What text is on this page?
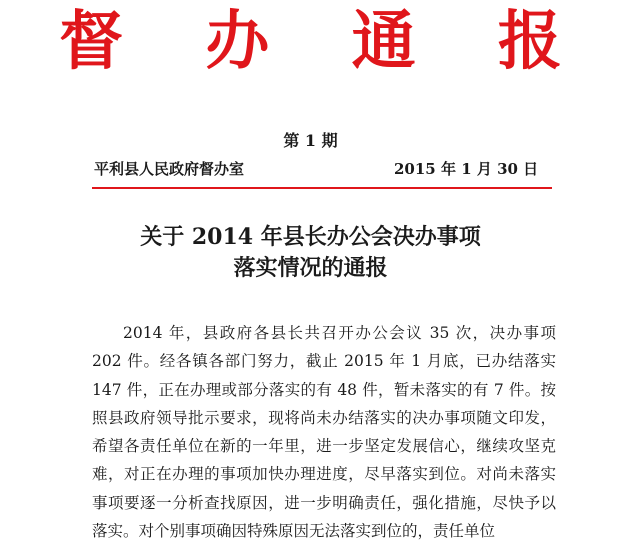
督 办 通 报
第 1 期
平利县人民政府督办室	2015 年 1 月 30 日
关于 2014 年县长办公会决办事项
落实情况的通报
2014 年，县政府各县长共召开办公会议 35 次，决办事项 202 件。经各镇各部门努力，截止 2015 年 1 月底，已办结落实 147 件，正在办理或部分落实的有 48 件，暂未落实的有 7 件。按照县政府领导批示要求，现将尚未办结落实的决办事项随文印发，希望各责任单位在新的一年里，进一步坚定发展信心，继续攻坚克难，对正在办理的事项加快办理进度，尽早落实到位。对尚未落实事项要逐一分析查找原因，进一步明确责任，强化措施，尽快予以落实。对个别事项确因特殊原因无法落实到位的，责任单位
